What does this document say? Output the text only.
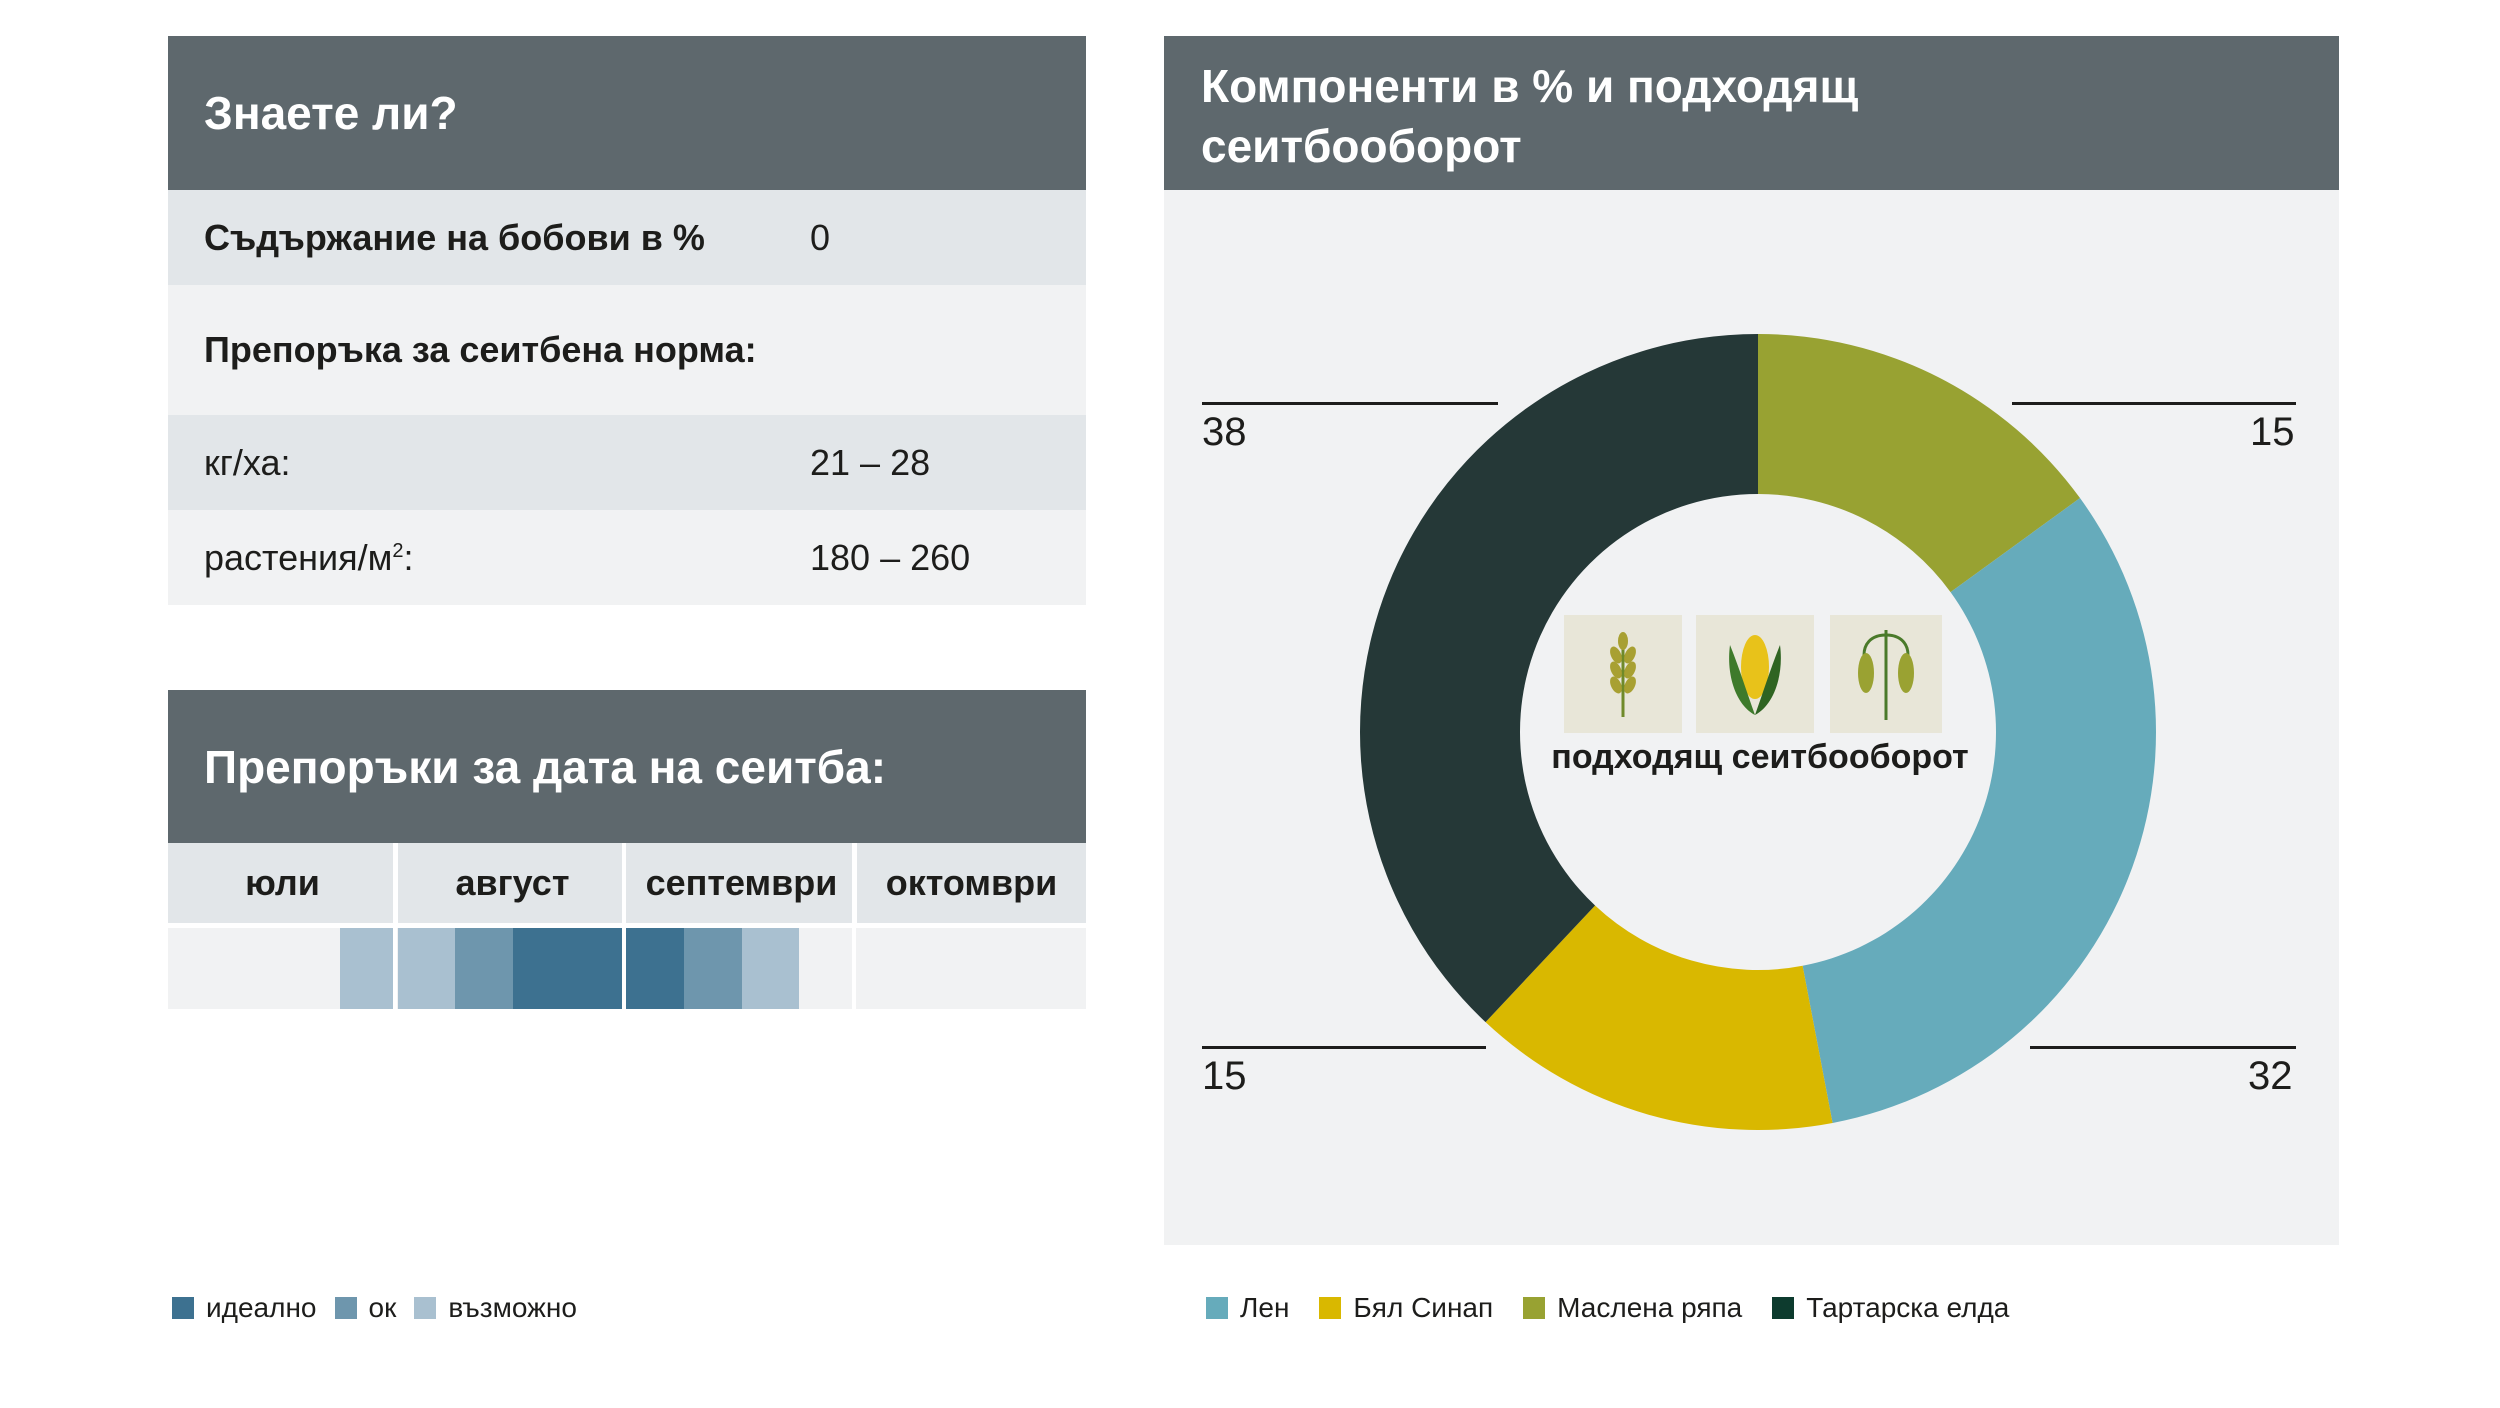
Знаете ли?
Съдържание на бобови в %	0
Препоръка за сеитбена норма:
кг/ха:	21 – 28
растения/$м^2$:	180 – 260
Препоръки за дата на сеитба:
юли	август	септември	октомври
идеално ок възможно
Компоненти в % и подходящ
сеитбооборот
38	15
15	32
подходящ сеитбооборот
Лен Бял Синап Маслена ряпа Тартарска елда
